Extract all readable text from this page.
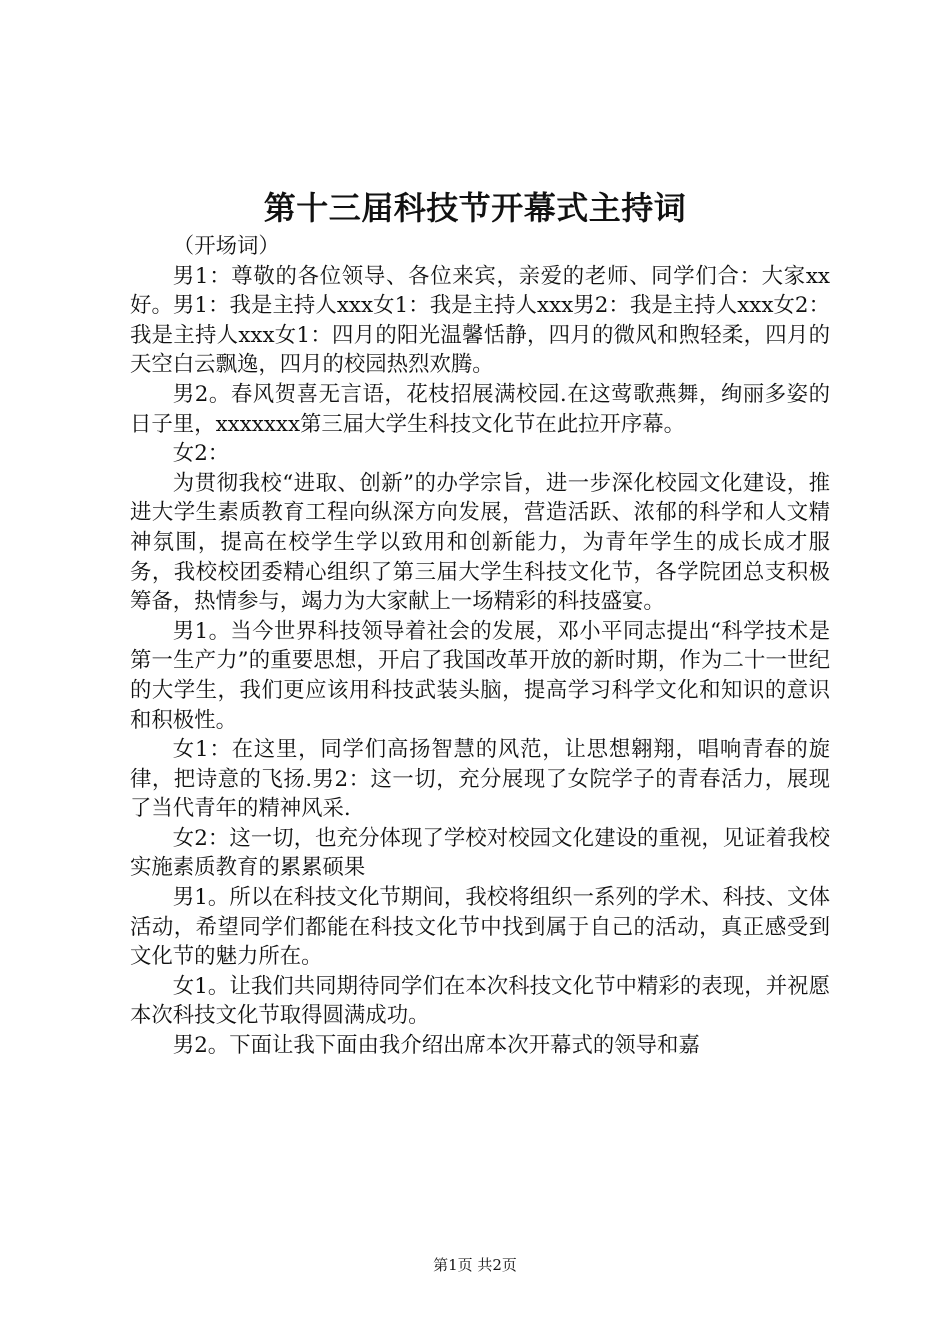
第十三届科技节开幕式主持词

（开场词）

男1：尊敬的各位领导、各位来宾，亲爱的老师、同学们合：大家xx好。男1：我是主持人xxx女1：我是主持人xxx男2：我是主持人xxx女2：我是主持人xxx女1：四月的阳光温馨恬静，四月的微风和煦轻柔，四月的天空白云飘逸，四月的校园热烈欢腾。

男2。春风贺喜无言语，花枝招展满校园.在这莺歌燕舞，绚丽多姿的日子里，xxxxxxx第三届大学生科技文化节在此拉开序幕。

女2：

为贯彻我校“进取、创新”的办学宗旨，进一步深化校园文化建设，推进大学生素质教育工程向纵深方向发展，营造活跃、浓郁的科学和人文精神氛围，提高在校学生学以致用和创新能力，为青年学生的成长成才服务，我校校团委精心组织了第三届大学生科技文化节，各学院团总支积极筹备，热情参与，竭力为大家献上一场精彩的科技盛宴。

男1。当今世界科技领导着社会的发展，邓小平同志提出“科学技术是第一生产力”的重要思想，开启了我国改革开放的新时期，作为二十一世纪的大学生，我们更应该用科技武装头脑，提高学习科学文化和知识的意识和积极性。

女1：在这里，同学们高扬智慧的风范，让思想翱翔，唱响青春的旋律，把诗意的飞扬.男2：这一切，充分展现了女院学子的青春活力，展现了当代青年的精神风采.

女2：这一切，也充分体现了学校对校园文化建设的重视，见证着我校实施素质教育的累累硕果

男1。所以在科技文化节期间，我校将组织一系列的学术、科技、文体活动，希望同学们都能在科技文化节中找到属于自己的活动，真正感受到文化节的魅力所在。

女1。让我们共同期待同学们在本次科技文化节中精彩的表现，并祝愿本次科技文化节取得圆满成功。

男2。下面让我下面由我介绍出席本次开幕式的领导和嘉

第1页 共2页
